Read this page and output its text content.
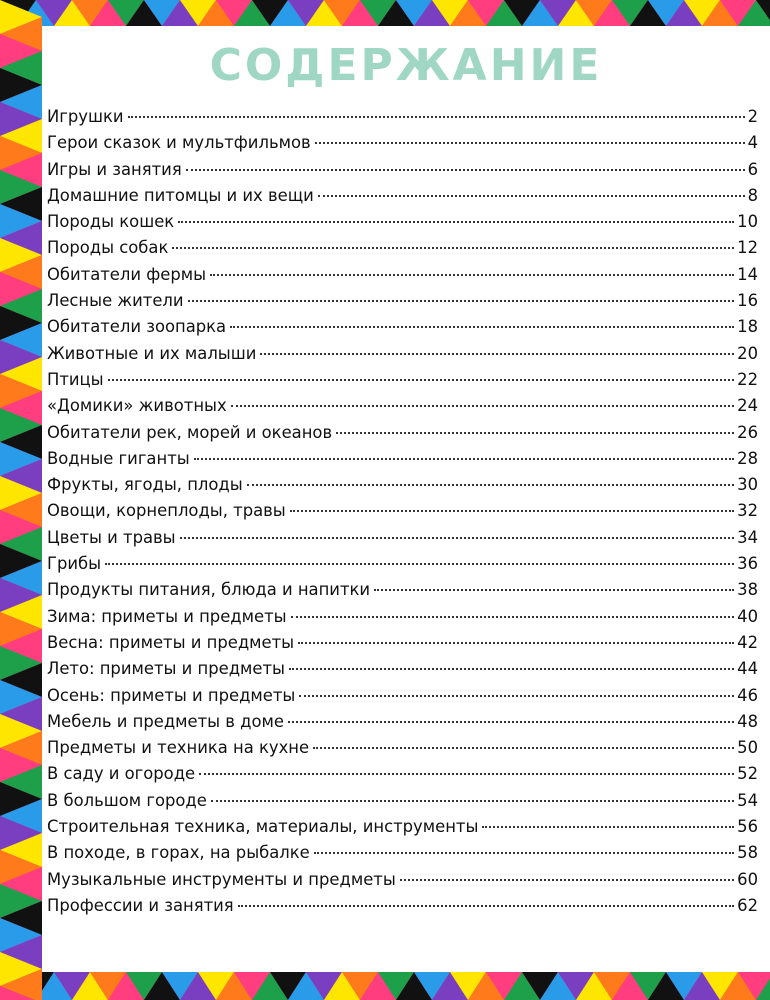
СОДЕРЖАНИЕ
Игрушки	2
Герои сказок и мультфильмов	4
Игры и занятия	6
Домашние питомцы и их вещи	8
Породы кошек	10
Породы собак	12
Обитатели фермы	14
Лесные жители	16
Обитатели зоопарка	18
Животные и их малыши	20
Птицы	22
«Домики» животных	24
Обитатели рек, морей и океанов	26
Водные гиганты	28
Фрукты, ягоды, плоды	30
Овощи, корнеплоды, травы	32
Цветы и травы	34
Грибы	36
Продукты питания, блюда и напитки	38
Зима: приметы и предметы	40
Весна: приметы и предметы	42
Лето: приметы и предметы	44
Осень: приметы и предметы	46
Мебель и предметы в доме	48
Предметы и техника на кухне	50
В саду и огороде	52
В большом городе	54
Строительная техника, материалы, инструменты	56
В походе, в горах, на рыбалке	58
Музыкальные инструменты и предметы	60
Профессии и занятия	62
